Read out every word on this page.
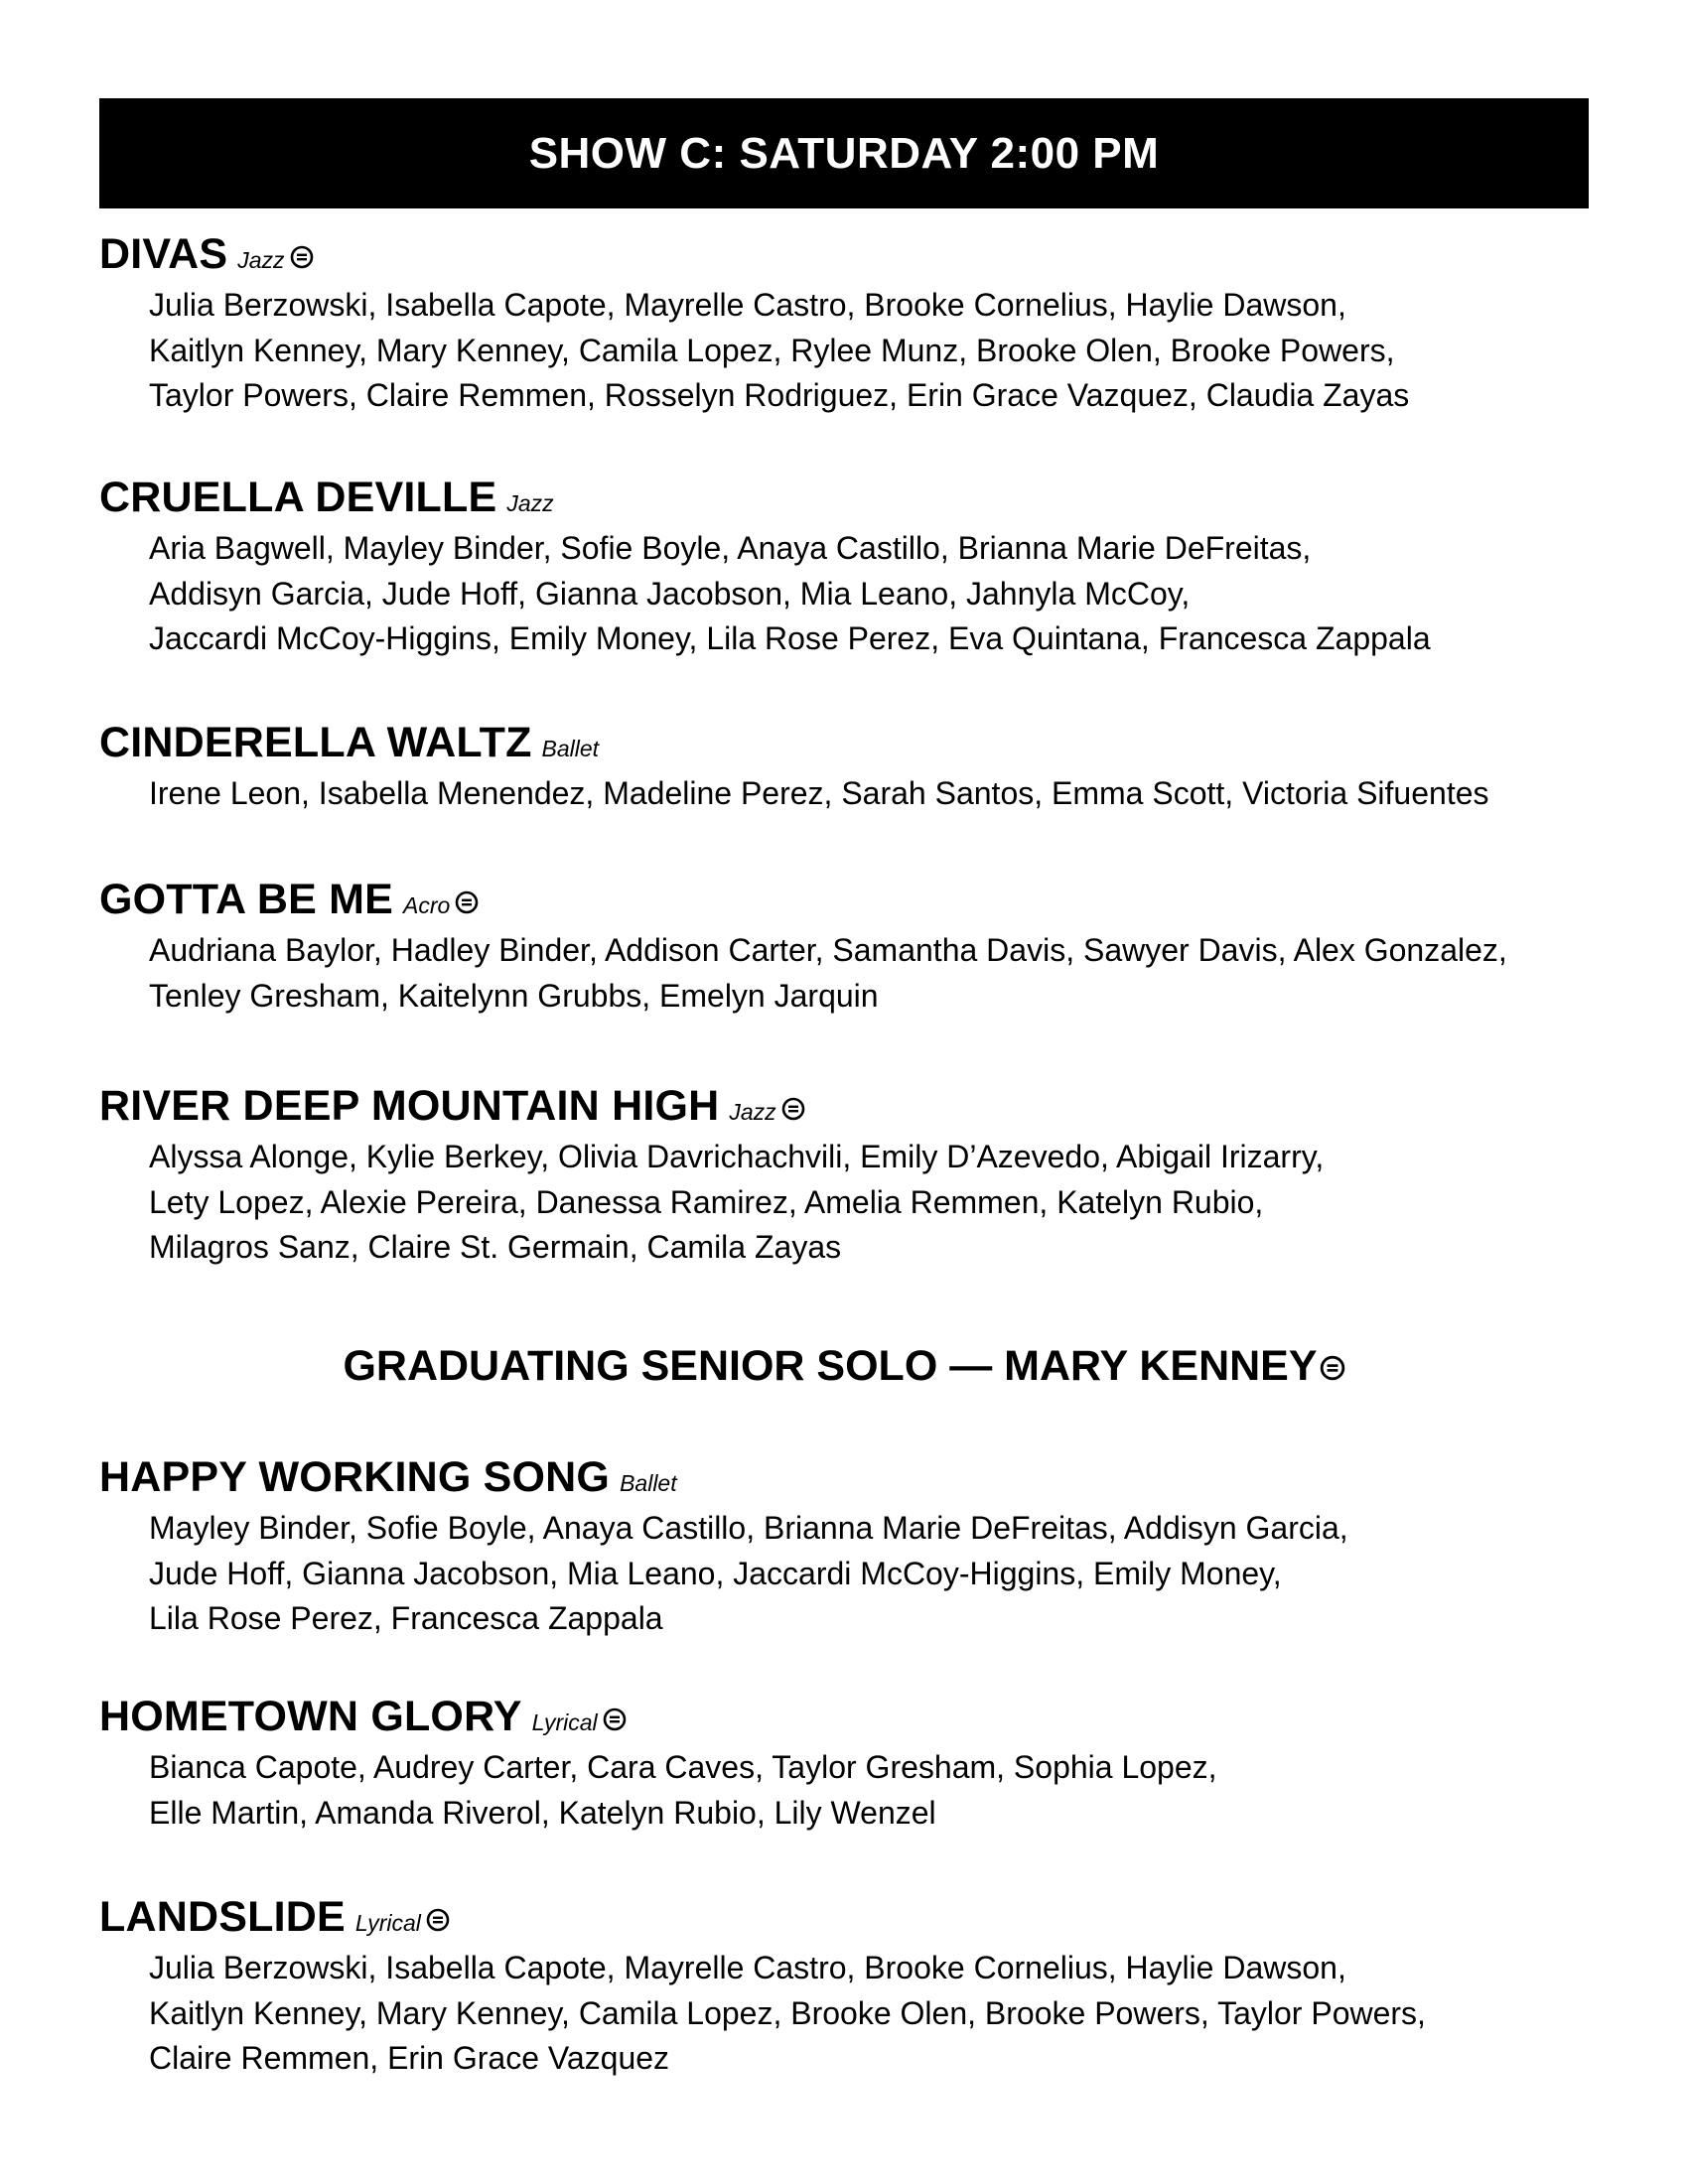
SHOW C: SATURDAY 2:00 PM
DIVAS Jazz
Julia Berzowski, Isabella Capote, Mayrelle Castro, Brooke Cornelius, Haylie Dawson,
Kaitlyn Kenney, Mary Kenney, Camila Lopez, Rylee Munz, Brooke Olen, Brooke Powers,
Taylor Powers, Claire Remmen, Rosselyn Rodriguez, Erin Grace Vazquez, Claudia Zayas
CRUELLA DEVILLE Jazz
Aria Bagwell, Mayley Binder, Sofie Boyle, Anaya Castillo, Brianna Marie DeFreitas,
Addisyn Garcia, Jude Hoff, Gianna Jacobson, Mia Leano, Jahnyla McCoy,
Jaccardi McCoy-Higgins, Emily Money, Lila Rose Perez, Eva Quintana, Francesca Zappala
CINDERELLA WALTZ Ballet
Irene Leon, Isabella Menendez, Madeline Perez, Sarah Santos, Emma Scott, Victoria Sifuentes
GOTTA BE ME Acro
Audriana Baylor, Hadley Binder, Addison Carter, Samantha Davis, Sawyer Davis, Alex Gonzalez,
Tenley Gresham, Kaitelynn Grubbs, Emelyn Jarquin
RIVER DEEP MOUNTAIN HIGH Jazz
Alyssa Alonge, Kylie Berkey, Olivia Davrichachvili, Emily D’Azevedo, Abigail Irizarry,
Lety Lopez, Alexie Pereira, Danessa Ramirez, Amelia Remmen, Katelyn Rubio,
Milagros Sanz, Claire St. Germain, Camila Zayas
HAPPY WORKING SONG Ballet
Mayley Binder, Sofie Boyle, Anaya Castillo, Brianna Marie DeFreitas, Addisyn Garcia,
Jude Hoff, Gianna Jacobson, Mia Leano, Jaccardi McCoy-Higgins, Emily Money,
Lila Rose Perez, Francesca Zappala
HOMETOWN GLORY Lyrical
Bianca Capote, Audrey Carter, Cara Caves, Taylor Gresham, Sophia Lopez,
Elle Martin, Amanda Riverol, Katelyn Rubio, Lily Wenzel
LANDSLIDE Lyrical
Julia Berzowski, Isabella Capote, Mayrelle Castro, Brooke Cornelius, Haylie Dawson,
Kaitlyn Kenney, Mary Kenney, Camila Lopez, Brooke Olen, Brooke Powers, Taylor Powers,
Claire Remmen, Erin Grace Vazquez
GRADUATING SENIOR SOLO — MARY KENNEY
